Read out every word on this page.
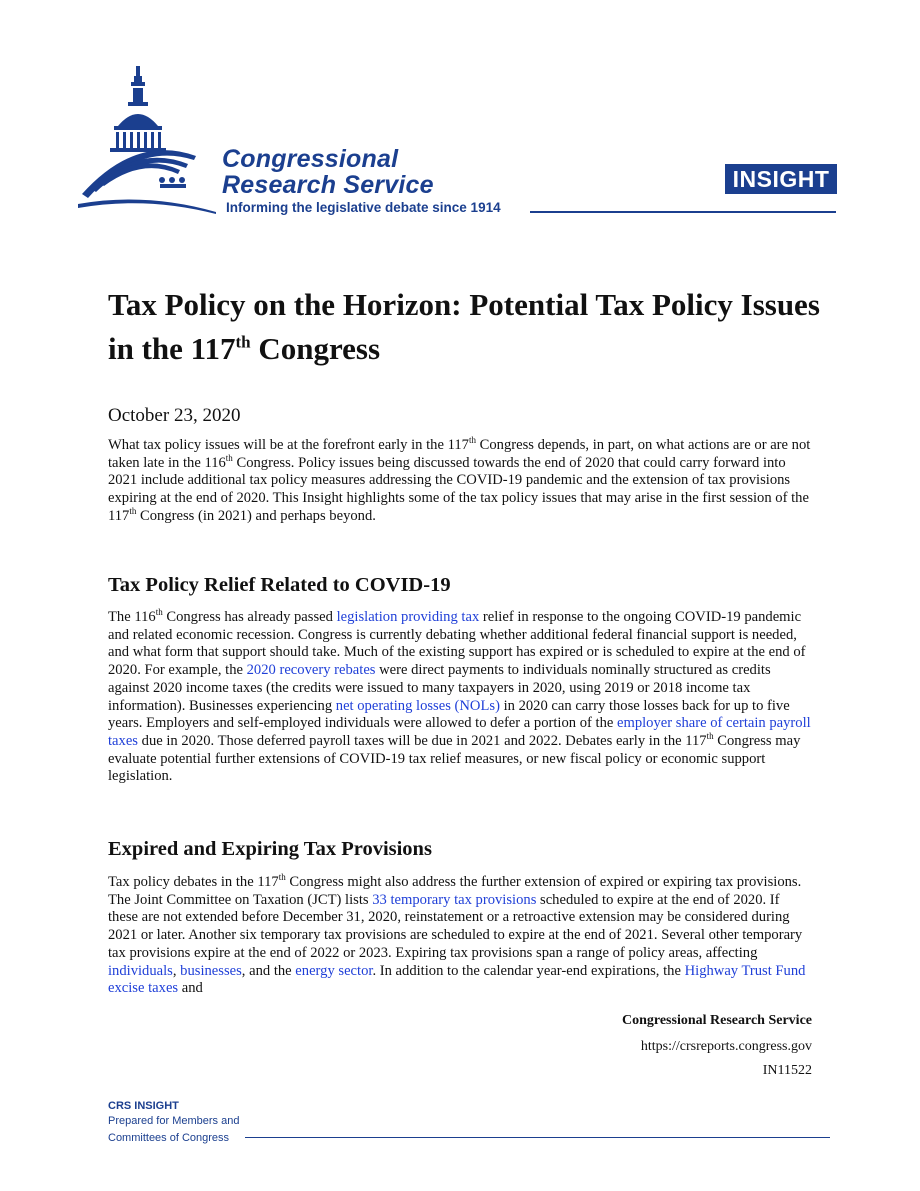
Congressional
Research Service
Informing the legislative debate since 1914
INSIGHT
Tax Policy on the Horizon: Potential Tax Policy Issues in the 117th Congress
October 23, 2020

What tax policy issues will be at the forefront early in the 117th Congress depends, in part, on what actions are or are not taken late in the 116th Congress. Policy issues being discussed towards the end of 2020 that could carry forward into 2021 include additional tax policy measures addressing the COVID-19 pandemic and the extension of tax provisions expiring at the end of 2020. This Insight highlights some of the tax policy issues that may arise in the first session of the 117th Congress (in 2021) and perhaps beyond.

Tax Policy Relief Related to COVID-19

The 116th Congress has already passed legislation providing tax relief in response to the ongoing COVID-19 pandemic and related economic recession. Congress is currently debating whether additional federal financial support is needed, and what form that support should take. Much of the existing support has expired or is scheduled to expire at the end of 2020. For example, the 2020 recovery rebates were direct payments to individuals nominally structured as credits against 2020 income taxes (the credits were issued to many taxpayers in 2020, using 2019 or 2018 income tax information). Businesses experiencing net operating losses (NOLs) in 2020 can carry those losses back for up to five years. Employers and self-employed individuals were allowed to defer a portion of the employer share of certain payroll taxes due in 2020. Those deferred payroll taxes will be due in 2021 and 2022. Debates early in the 117th Congress may evaluate potential further extensions of COVID-19 tax relief measures, or new fiscal policy or economic support legislation.

Expired and Expiring Tax Provisions

Tax policy debates in the 117th Congress might also address the further extension of expired or expiring tax provisions. The Joint Committee on Taxation (JCT) lists 33 temporary tax provisions scheduled to expire at the end of 2020. If these are not extended before December 31, 2020, reinstatement or a retroactive extension may be considered during 2021 or later. Another six temporary tax provisions are scheduled to expire at the end of 2021. Several other temporary tax provisions expire at the end of 2022 or 2023. Expiring tax provisions span a range of policy areas, affecting individuals, businesses, and the energy sector. In addition to the calendar year-end expirations, the Highway Trust Fund excise taxes and

Congressional Research Service
https://crsreports.congress.gov
IN11522
CRS INSIGHT
Prepared for Members and
Committees of Congress
